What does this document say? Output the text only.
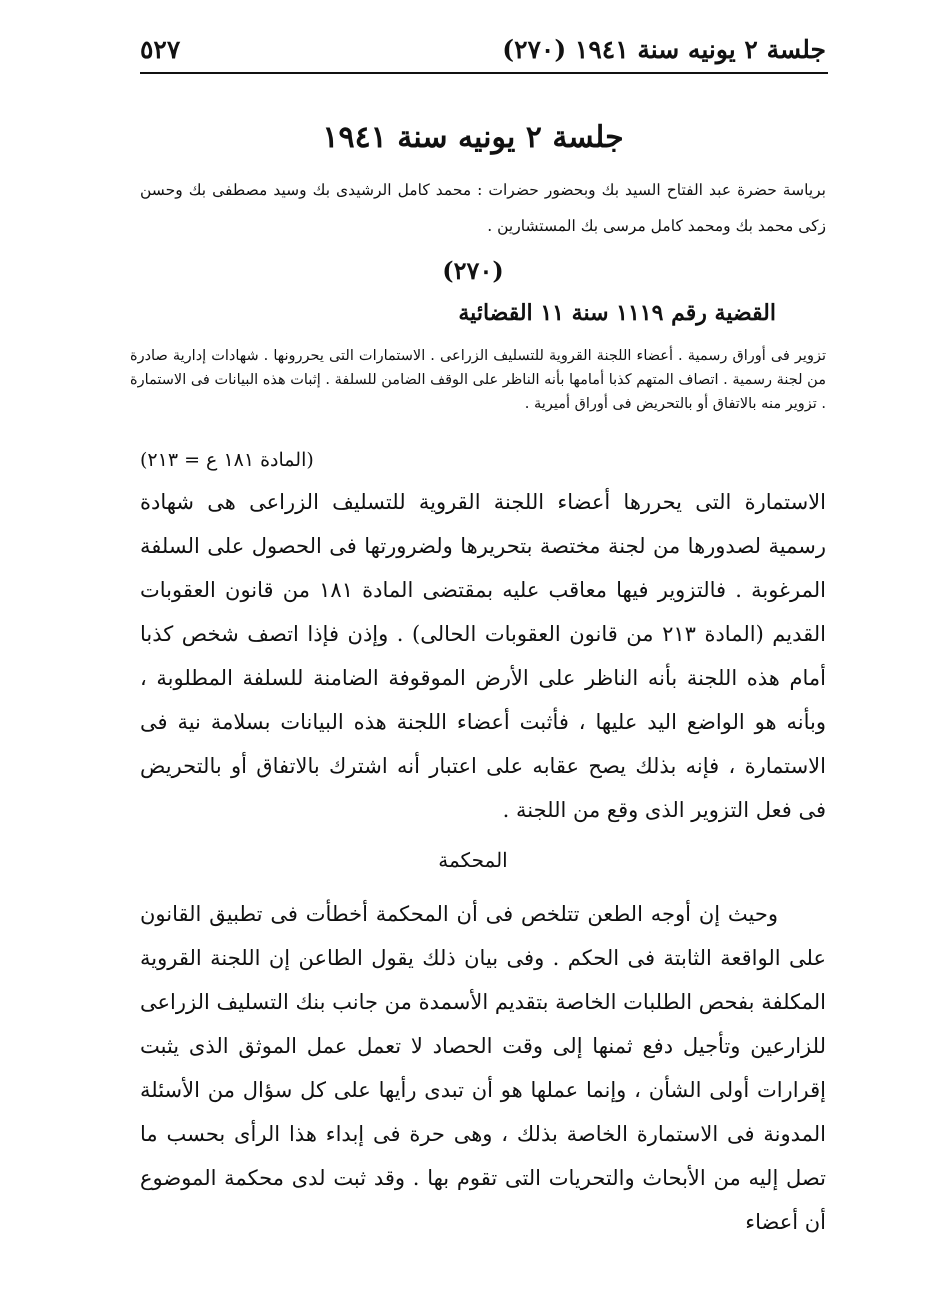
جلسة ٢ يونيه سنة ١٩٤١ (٢٧٠)
٥٢٧
جلسة ٢ يونيه سنة ١٩٤١
برياسة حضرة عبد الفتاح السيد بك وبحضور حضرات : محمد كامل الرشيدى بك وسيد مصطفى بك وحسن زكى محمد بك ومحمد كامل مرسى بك المستشارين .
(٢٧٠)
القضية رقم ١١١٩ سنة ١١ القضائية
تزوير فى أوراق رسمية . أعضاء اللجنة القروية للتسليف الزراعى . الاستمارات التى يحررونها . شهادات إدارية صادرة من لجنة رسمية . اتصاف المتهم كذبا أمامها بأنه الناظر على الوقف الضامن للسلفة . إثبات هذه البيانات فى الاستمارة . تزوير منه بالاتفاق أو بالتحريض فى أوراق أميرية .
(المادة ١٨١ ع = ٢١٣)
الاستمارة التى يحررها أعضاء اللجنة القروية للتسليف الزراعى هى شهادة رسمية لصدورها من لجنة مختصة بتحريرها ولضرورتها فى الحصول على السلفة المرغوبة . فالتزوير فيها معاقب عليه بمقتضى المادة ١٨١ من قانون العقوبات القديم (المادة ٢١٣ من قانون العقوبات الحالى) . وإذن فإذا اتصف شخص كذبا أمام هذه اللجنة بأنه الناظر على الأرض الموقوفة الضامنة للسلفة المطلوبة ، وبأنه هو الواضع اليد عليها ، فأثبت أعضاء اللجنة هذه البيانات بسلامة نية فى الاستمارة ، فإنه بذلك يصح عقابه على اعتبار أنه اشترك بالاتفاق أو بالتحريض فى فعل التزوير الذى وقع من اللجنة .
المحكمة
وحيث إن أوجه الطعن تتلخص فى أن المحكمة أخطأت فى تطبيق القانون على الواقعة الثابتة فى الحكم . وفى بيان ذلك يقول الطاعن إن اللجنة القروية المكلفة بفحص الطلبات الخاصة بتقديم الأسمدة من جانب بنك التسليف الزراعى للزارعين وتأجيل دفع ثمنها إلى وقت الحصاد لا تعمل عمل الموثق الذى يثبت إقرارات أولى الشأن ، وإنما عملها هو أن تبدى رأيها على كل سؤال من الأسئلة المدونة فى الاستمارة الخاصة بذلك ، وهى حرة فى إبداء هذا الرأى بحسب ما تصل إليه من الأبحاث والتحريات التى تقوم بها . وقد ثبت لدى محكمة الموضوع أن أعضاء
